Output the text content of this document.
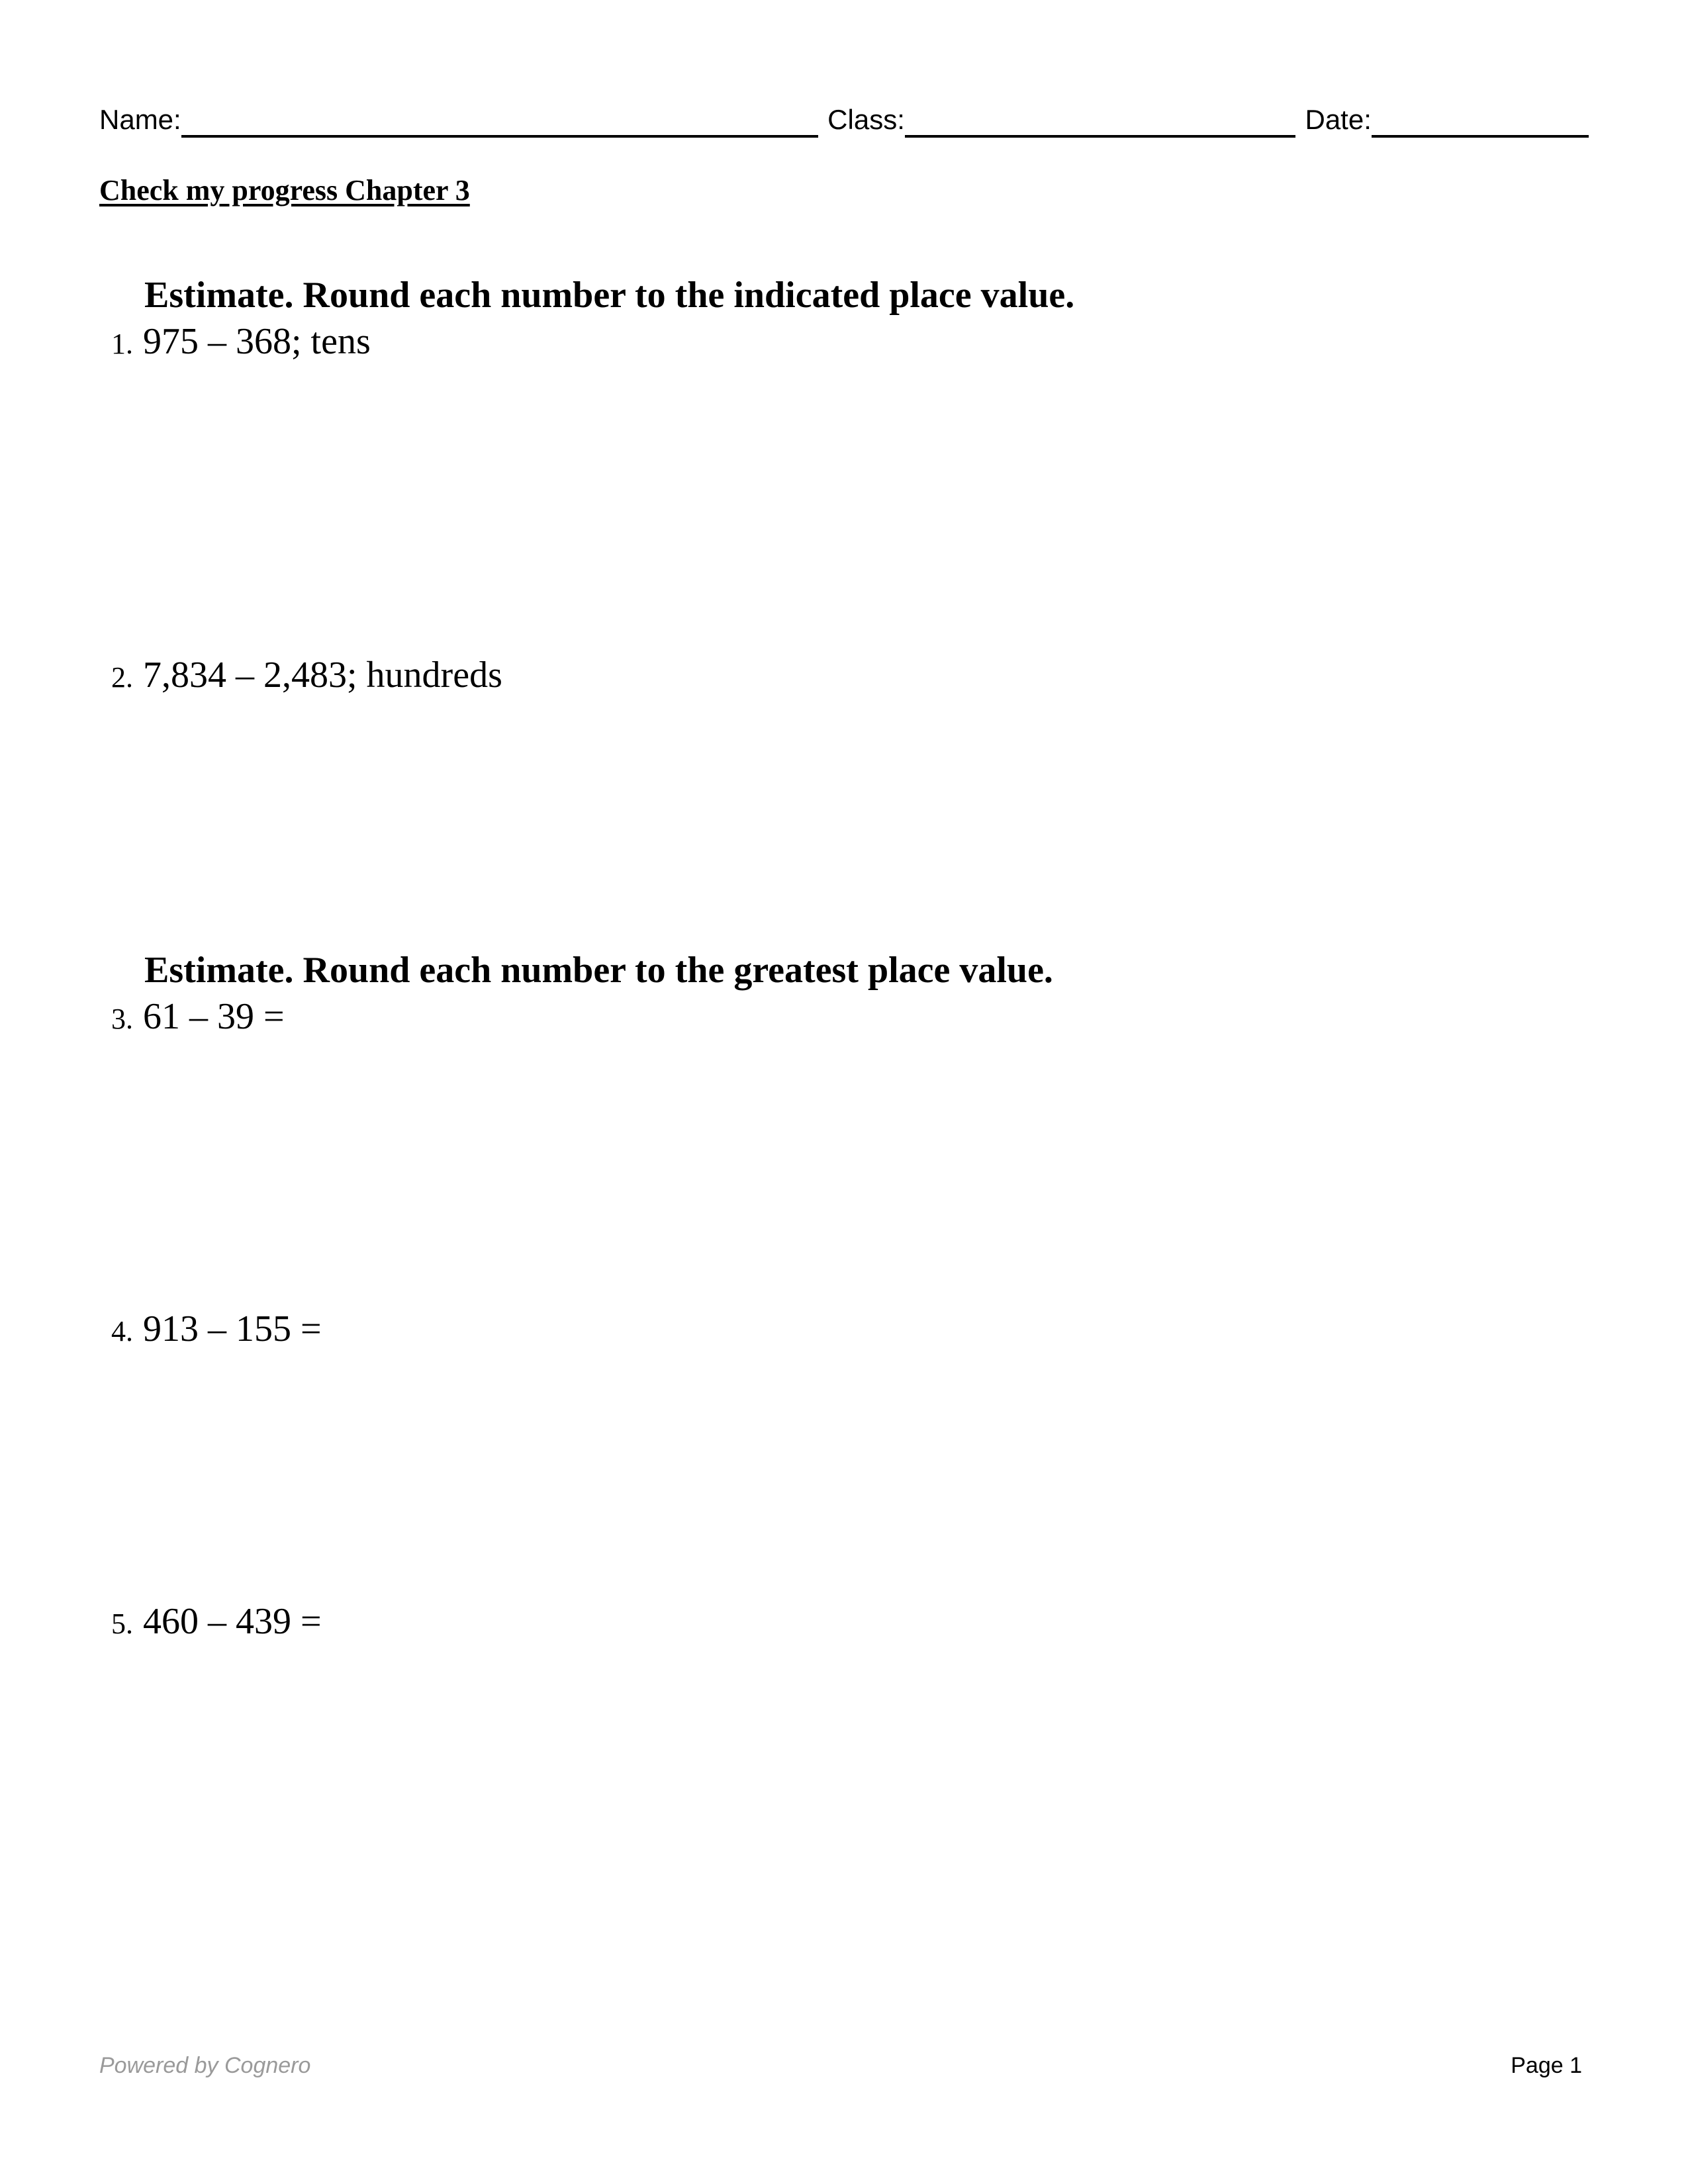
Name:	Class:	Date:
Check my progress Chapter 3
Estimate. Round each number to the indicated place value.
1. 975 – 368; tens
2. 7,834 – 2,483; hundreds
Estimate. Round each number to the greatest place value.
3. 61 – 39 =
4. 913 – 155 =
5. 460 – 439 =
Powered by Cognero	Page 1
